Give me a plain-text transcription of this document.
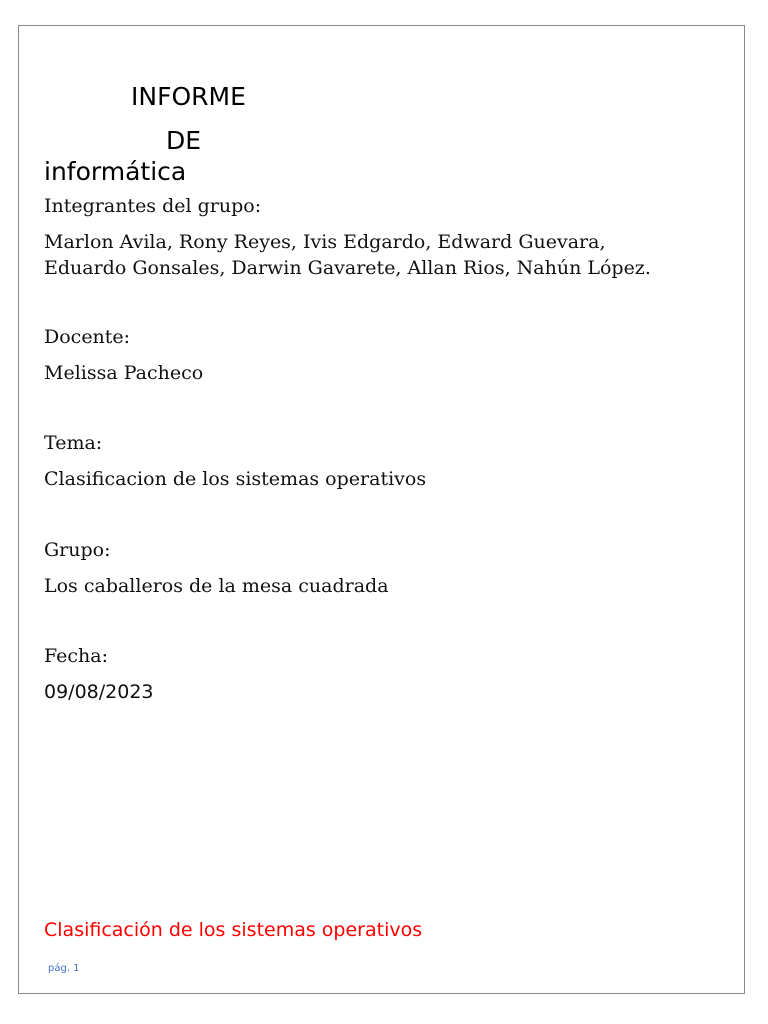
INFORME
DE
informática
Integrantes del grupo:
Marlon Avila, Rony Reyes, Ivis Edgardo, Edward Guevara,
Eduardo Gonsales, Darwin Gavarete, Allan Rios, Nahún López.
Docente:
Melissa Pacheco
Tema:
Clasificacion de los sistemas operativos
Grupo:
Los caballeros de la mesa cuadrada
Fecha:
09/08/2023
Clasificación de los sistemas operativos
pág. 1
